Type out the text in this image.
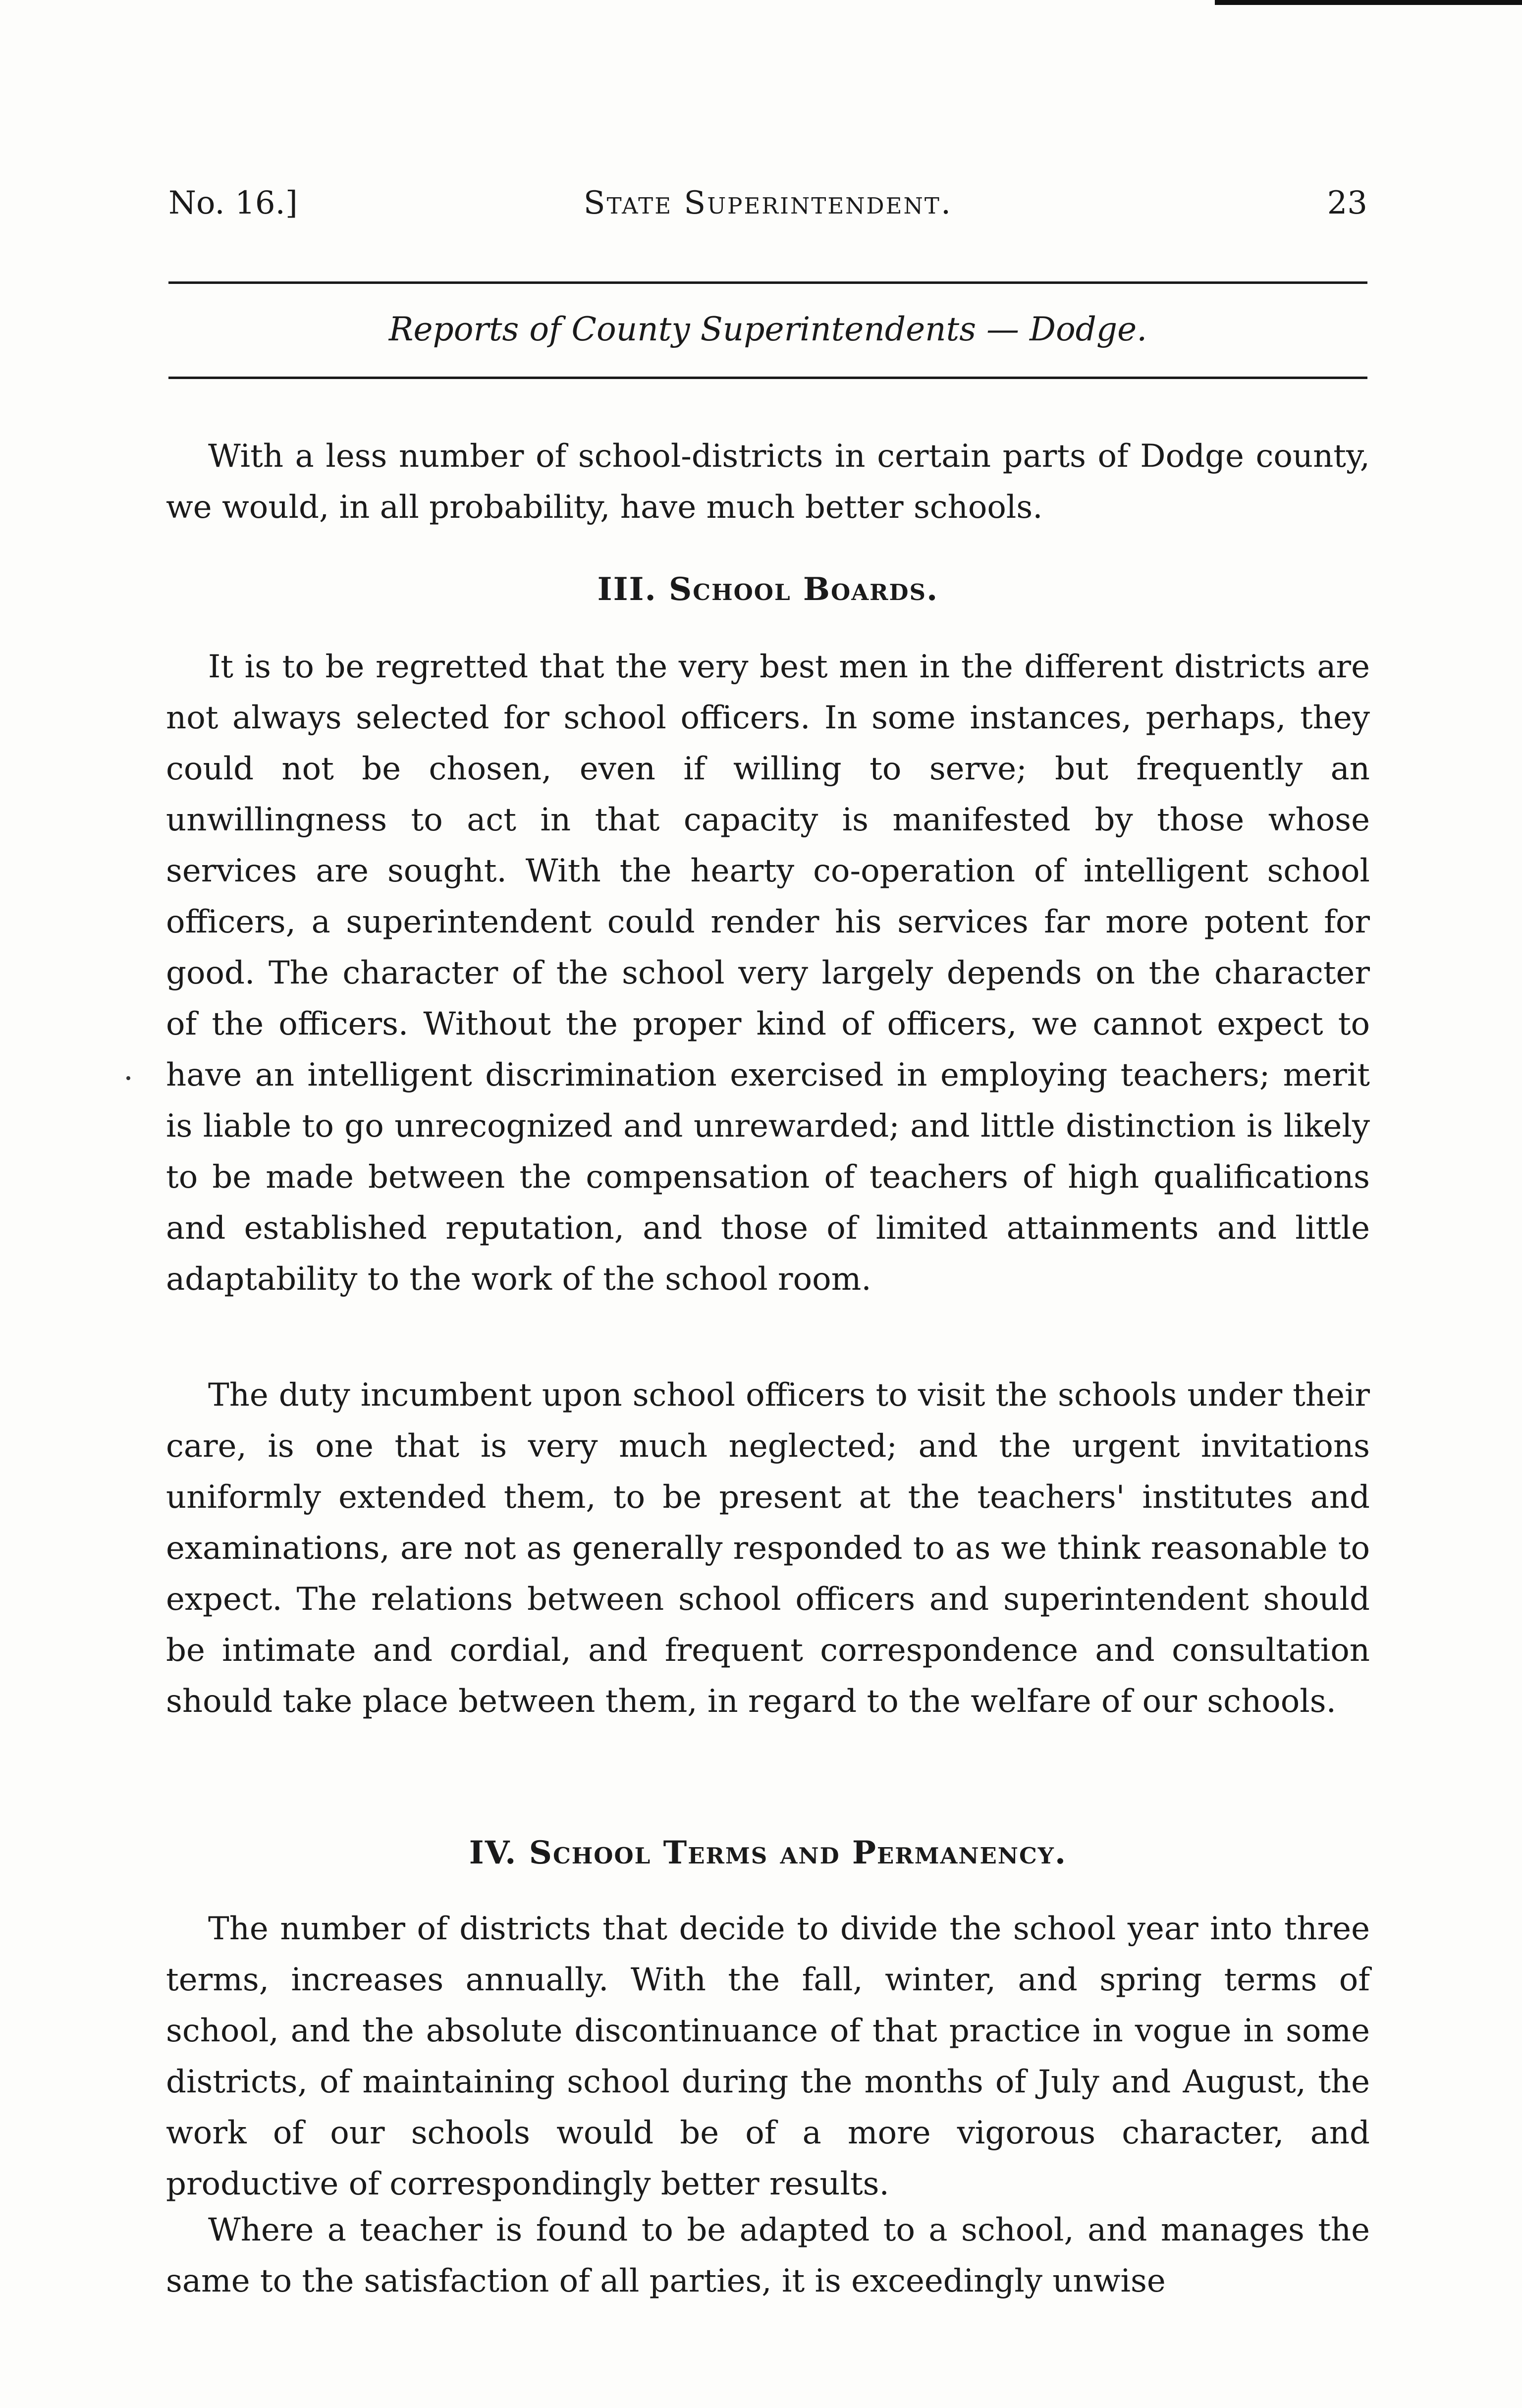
No. 16.]	State Superintendent.	23
Reports of County Superintendents — Dodge.

With a less number of school-districts in certain parts of Dodge county, we would, in all probability, have much better schools.

III. School Boards.

It is to be regretted that the very best men in the different districts are not always selected for school officers. In some instances, perhaps, they could not be chosen, even if willing to serve; but frequently an unwillingness to act in that capacity is manifested by those whose services are sought. With the hearty co-operation of intelligent school officers, a superintendent could render his services far more potent for good. The character of the school very largely depends on the character of the officers. Without the proper kind of officers, we cannot expect to have an intelligent discrimination exercised in employing teachers; merit is liable to go unrecognized and unrewarded; and little distinction is likely to be made between the compensation of teachers of high qualifications and established reputation, and those of limited attainments and little adaptability to the work of the school room.

The duty incumbent upon school officers to visit the schools under their care, is one that is very much neglected; and the urgent invitations uniformly extended them, to be present at the teachers' institutes and examinations, are not as generally responded to as we think reasonable to expect. The relations between school officers and superintendent should be intimate and cordial, and frequent correspondence and consultation should take place between them, in regard to the welfare of our schools.

IV. School Terms and Permanency.

The number of districts that decide to divide the school year into three terms, increases annually. With the fall, winter, and spring terms of school, and the absolute discontinuance of that practice in vogue in some districts, of maintaining school during the months of July and August, the work of our schools would be of a more vigorous character, and productive of correspondingly better results.

Where a teacher is found to be adapted to a school, and manages the same to the satisfaction of all parties, it is exceedingly unwise
